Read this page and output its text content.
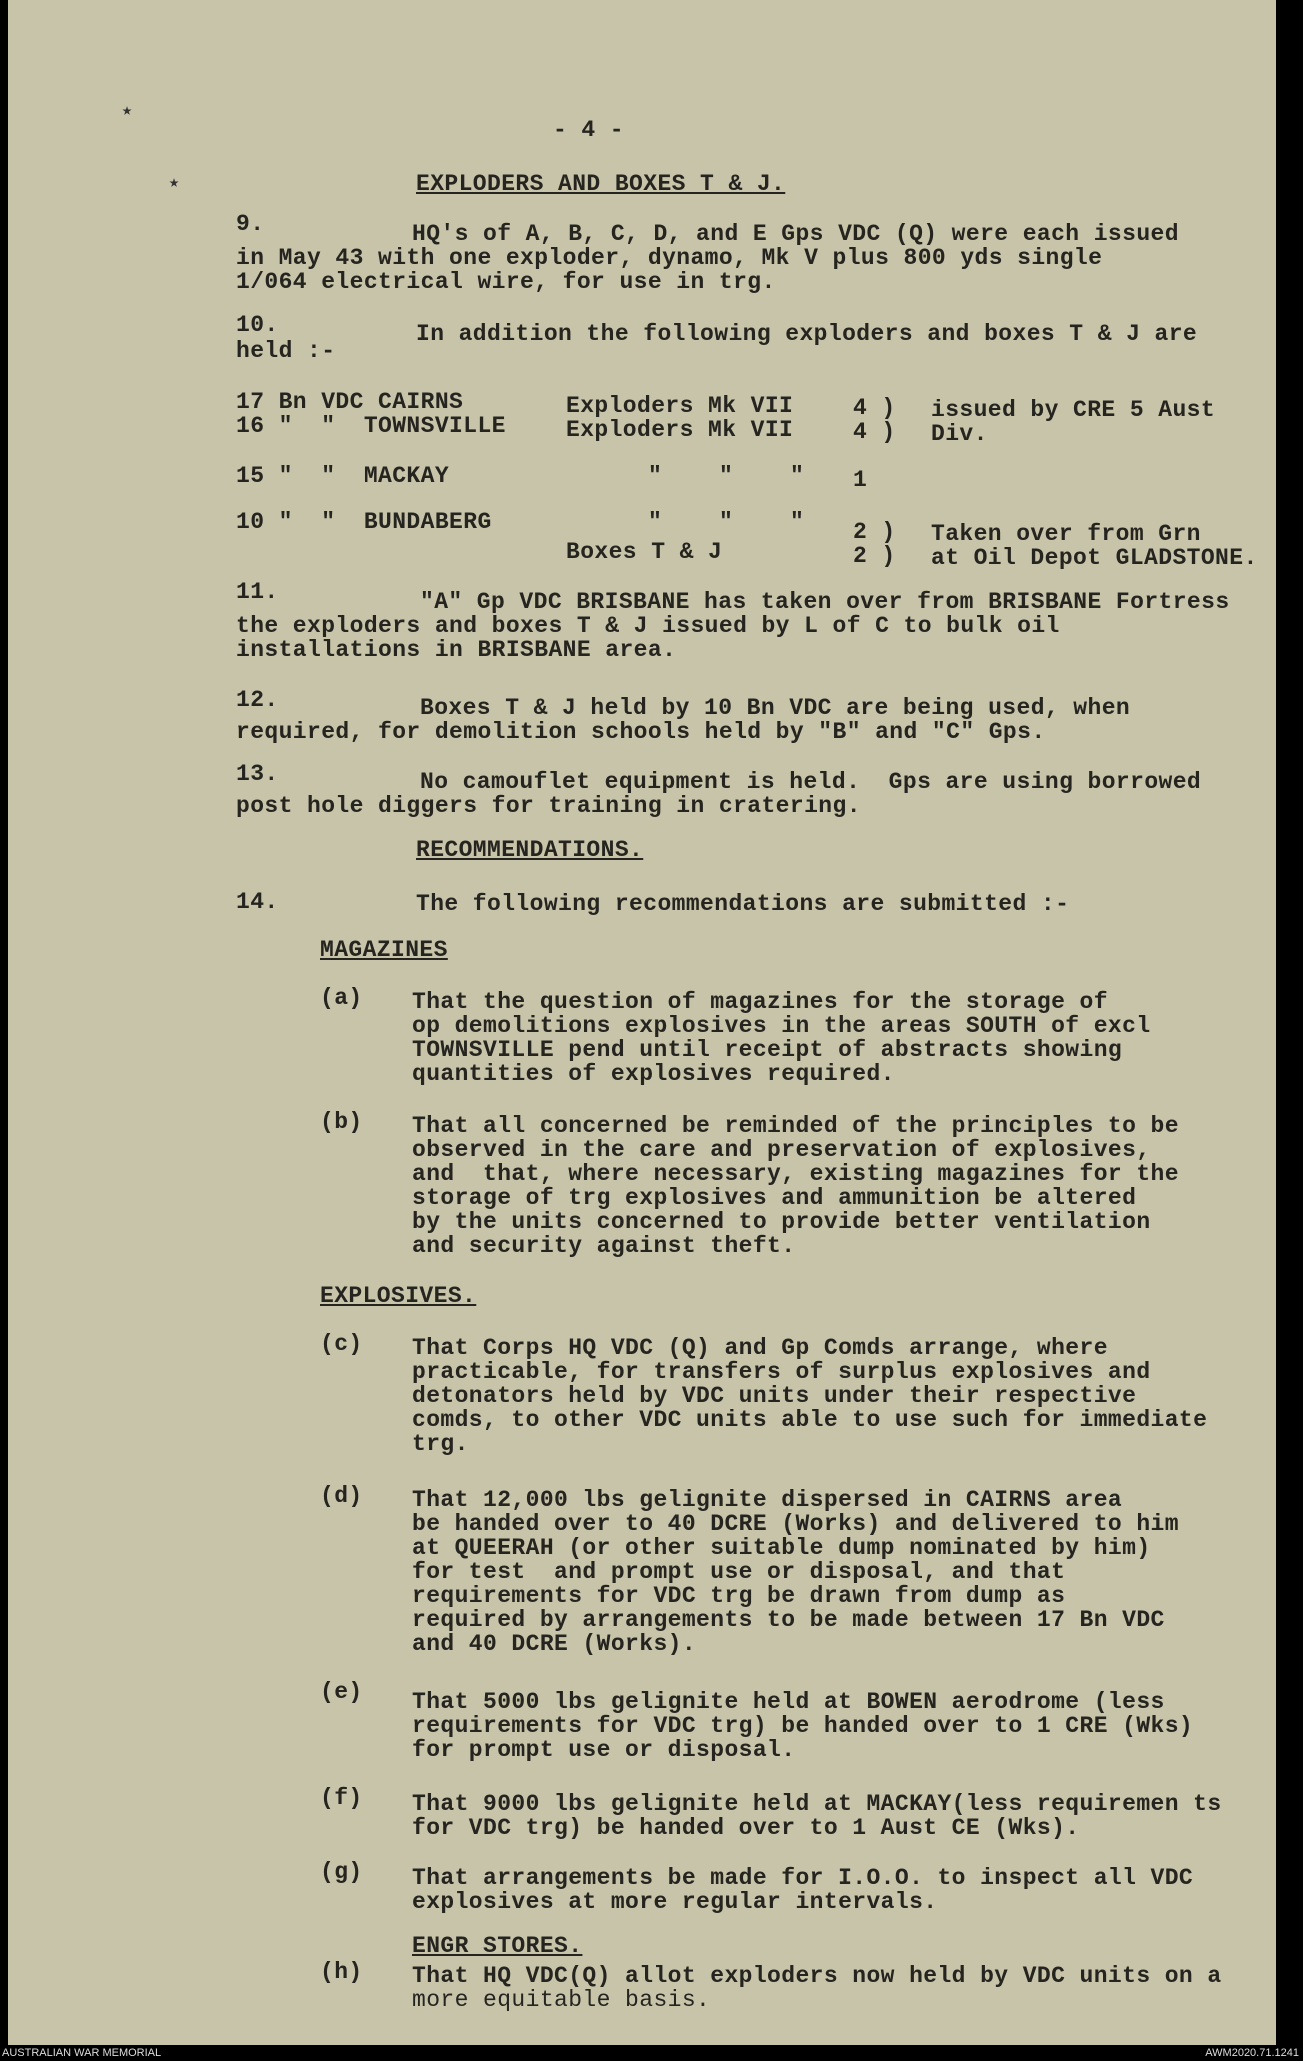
٭
٭
- 4 -
EXPLODERS AND BOXES T & J.
9.	HQ's of A, B, C, D, and E Gps VDC (Q) were each issued
in May 43 with one exploder, dynamo, Mk V plus 800 yds single
1/064 electrical wire, for use in trg.
10.	In addition the following exploders and boxes T & J are
held :-
17 Bn VDC CAIRNS	Exploders Mk VII	4 ) issued by CRE 5 Aust
16 "  "  TOWNSVILLE	Exploders Mk VII	4 ) Div.
15 "  "  MACKAY	"    "    " 1
10 "  "  BUNDABERG	"    "    " 2 ) Taken over from Grn
Boxes T & J	2 ) at Oil Depot GLADSTONE.
11.	"A" Gp VDC BRISBANE has taken over from BRISBANE Fortress
the exploders and boxes T & J issued by L of C to bulk oil
installations in BRISBANE area.
12.	Boxes T & J held by 10 Bn VDC are being used, when
required, for demolition schools held by "B" and "C" Gps.
13.	No camouflet equipment is held.  Gps are using borrowed
post hole diggers for training in cratering.
RECOMMENDATIONS.
14.	The following recommendations are submitted :-
MAGAZINES
(a) That the question of magazines for the storage of
op demolitions explosives in the areas SOUTH of excl
TOWNSVILLE pend until receipt of abstracts showing
quantities of explosives required.
(b) That all concerned be reminded of the principles to be
observed in the care and preservation of explosives,
and  that, where necessary, existing magazines for the
storage of trg explosives and ammunition be altered
by the units concerned to provide better ventilation
and security against theft.
EXPLOSIVES.
(c) That Corps HQ VDC (Q) and Gp Comds arrange, where
practicable, for transfers of surplus explosives and
detonators held by VDC units under their respective
comds, to other VDC units able to use such for immediate
trg.
(d) That 12,000 lbs gelignite dispersed in CAIRNS area
be handed over to 40 DCRE (Works) and delivered to him
at QUEERAH (or other suitable dump nominated by him)
for test  and prompt use or disposal, and that
requirements for VDC trg be drawn from dump as
required by arrangements to be made between 17 Bn VDC
and 40 DCRE (Works).
(e) That 5000 lbs gelignite held at BOWEN aerodrome (less
requirements for VDC trg) be handed over to 1 CRE (Wks)
for prompt use or disposal.
(f) That 9000 lbs gelignite held at MACKAY(less requiremen ts
for VDC trg) be handed over to 1 Aust CE (Wks).
(g) That arrangements be made for I.O.O. to inspect all VDC
explosives at more regular intervals.
ENGR STORES.
(h) That HQ VDC(Q) allot exploders now held by VDC units on a
more equitable basis.
AUSTRALIAN WAR MEMORIAL	AWM2020.71.1241
